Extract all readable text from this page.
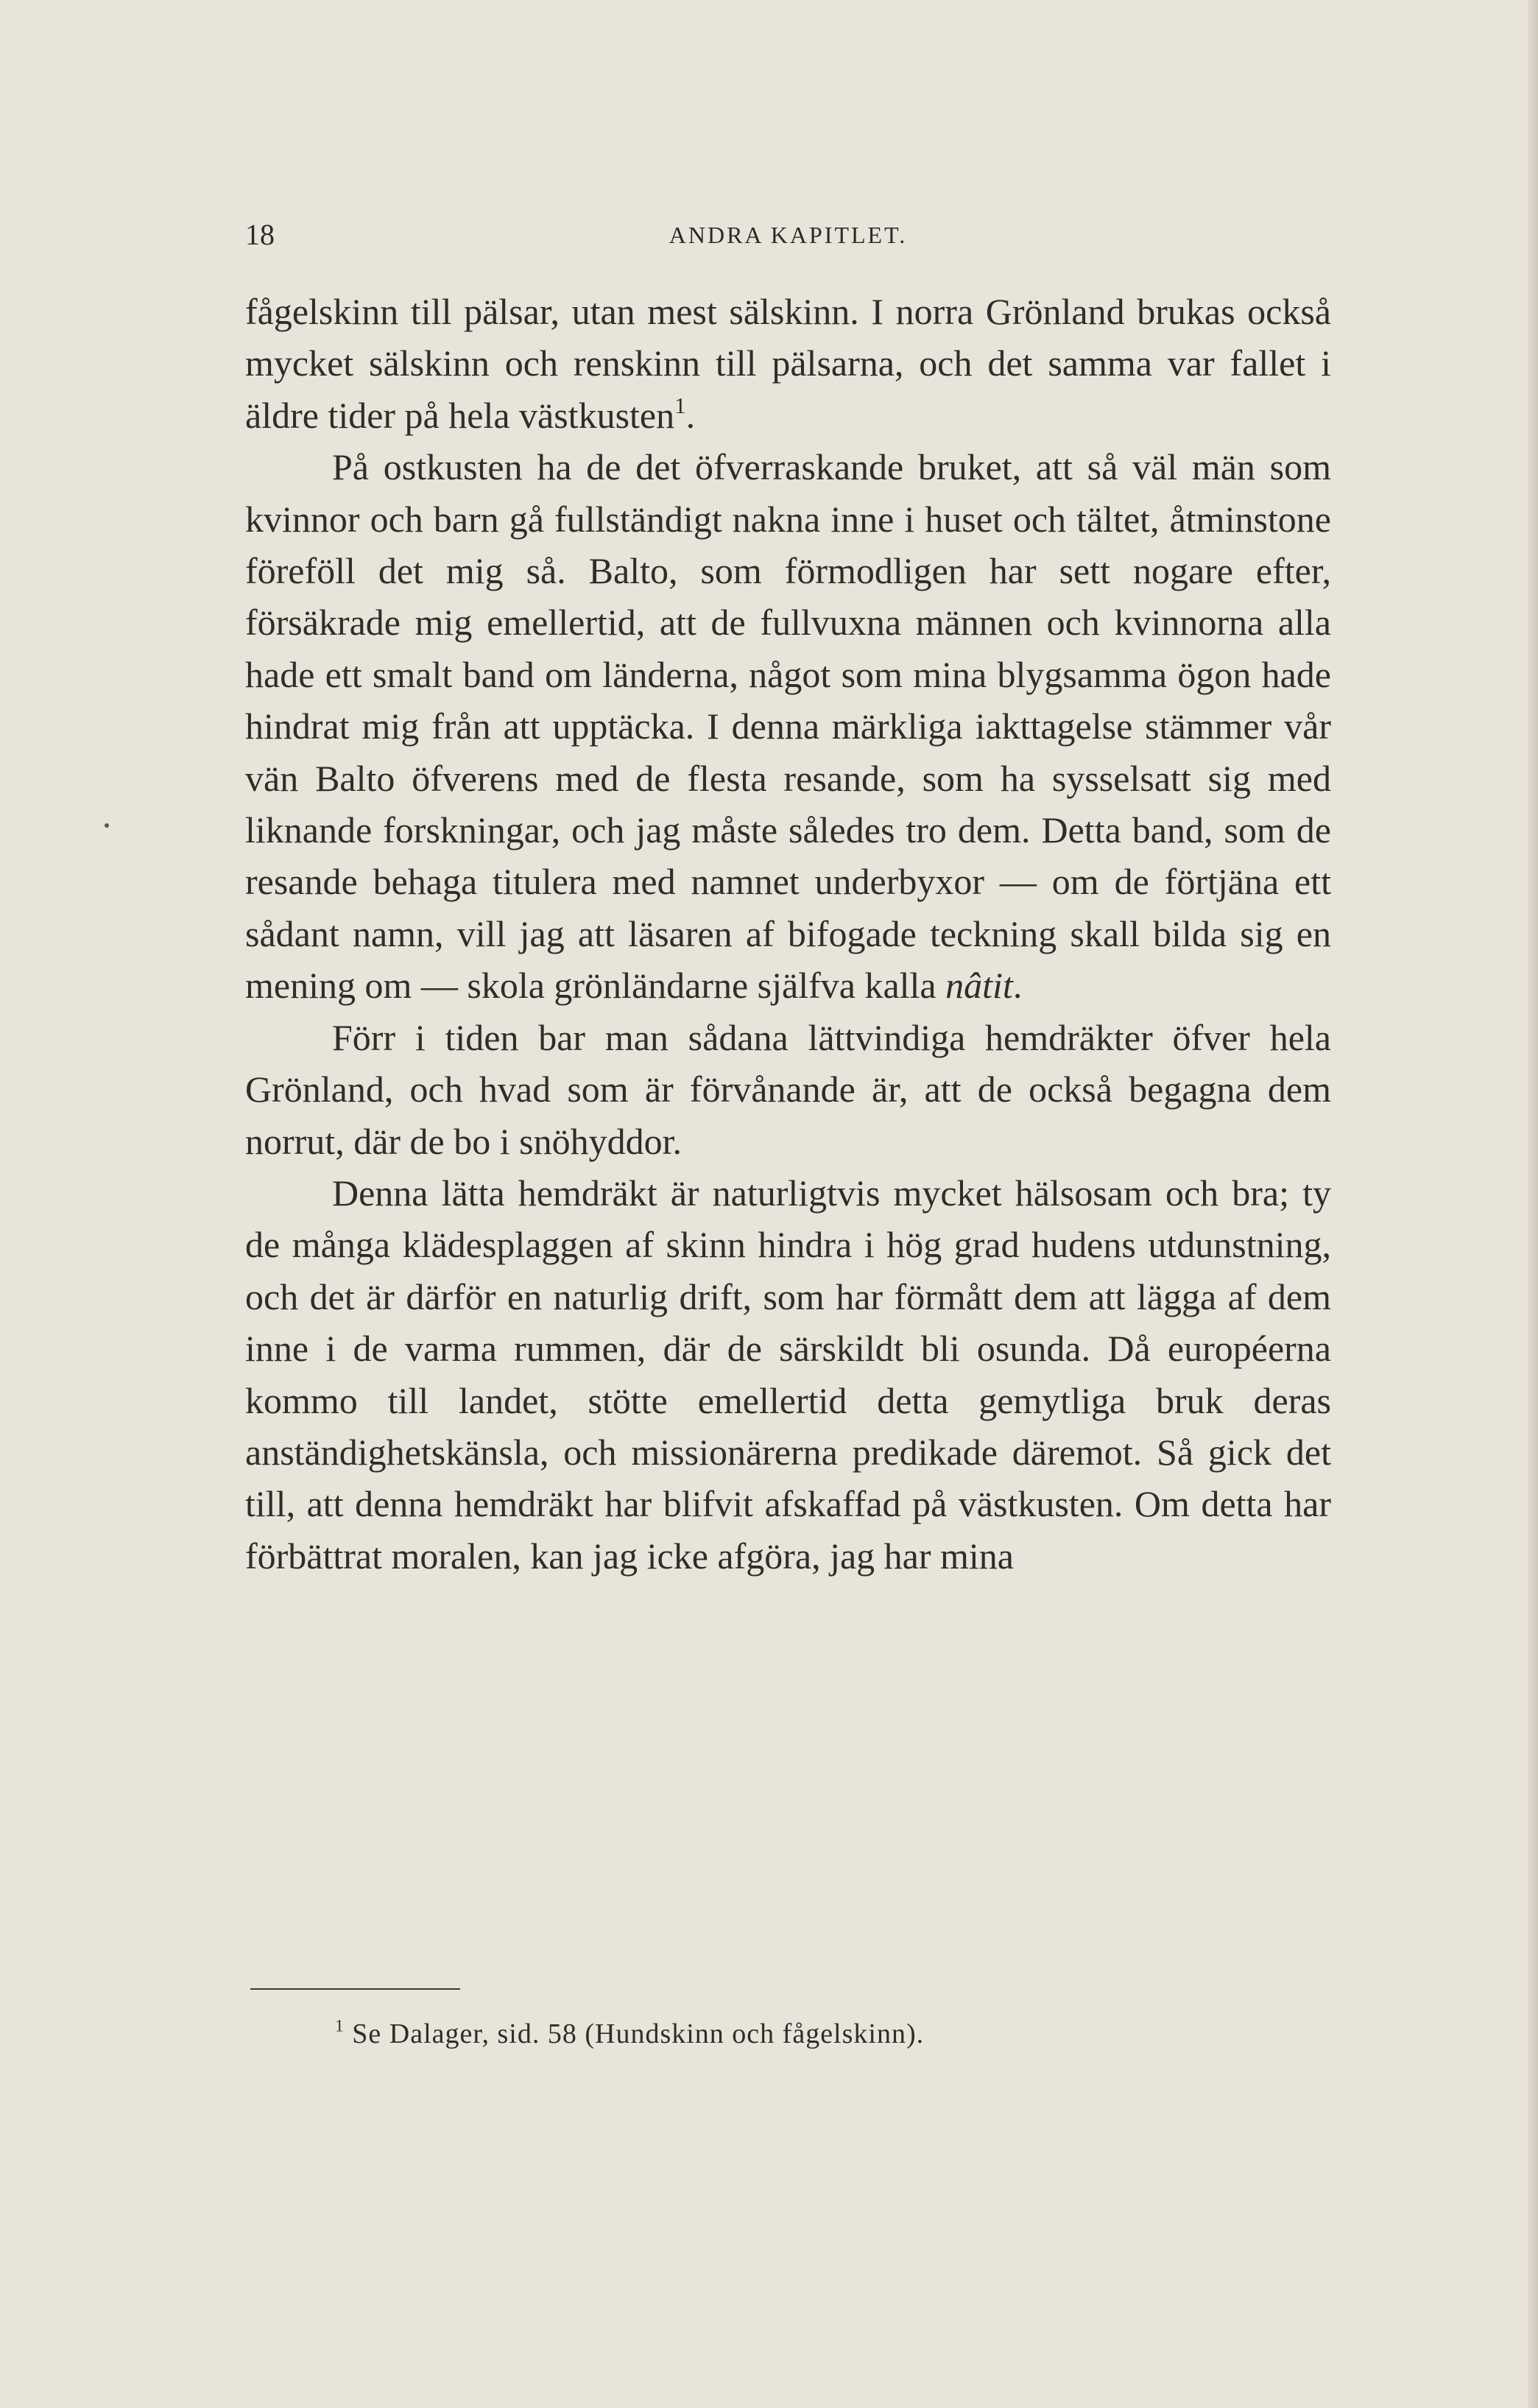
18	ANDRA KAPITLET.

fågelskinn till pälsar, utan mest sälskinn. I norra Grönland brukas också mycket sälskinn och renskinn till pälsarna, och det samma var fallet i äldre tider på hela västkusten$^1$.

På ostkusten ha de det öfverraskande bruket, att så väl män som kvinnor och barn gå fullständigt nakna inne i huset och tältet, åtminstone föreföll det mig så. Balto, som förmodligen har sett nogare efter, försäkrade mig emellertid, att de fullvuxna männen och kvinnorna alla hade ett smalt band om länderna, något som mina blygsamma ögon hade hindrat mig från att upptäcka. I denna märkliga iakttagelse stämmer vår vän Balto öfverens med de flesta resande, som ha sysselsatt sig med liknande forskningar, och jag måste således tro dem. Detta band, som de resande behaga titulera med namnet underbyxor — om de förtjäna ett sådant namn, vill jag att läsaren af bifogade teckning skall bilda sig en mening om — skola grönländarne själfva kalla nâtit.

Förr i tiden bar man sådana lättvindiga hemdräkter öfver hela Grönland, och hvad som är förvånande är, att de också begagna dem norrut, där de bo i snöhyddor.

Denna lätta hemdräkt är naturligtvis mycket hälsosam och bra; ty de många klädesplaggen af skinn hindra i hög grad hudens utdunstning, och det är därför en naturlig drift, som har förmått dem att lägga af dem inne i de varma rummen, där de särskildt bli osunda. Då européerna kommo till landet, stötte emellertid detta gemytliga bruk deras anständighetskänsla, och missionärerna predikade däremot. Så gick det till, att denna hemdräkt har blifvit afskaffad på västkusten. Om detta har förbättrat moralen, kan jag icke afgöra, jag har mina

$^1$ Se Dalager, sid. 58 (Hundskinn och fågelskinn).
